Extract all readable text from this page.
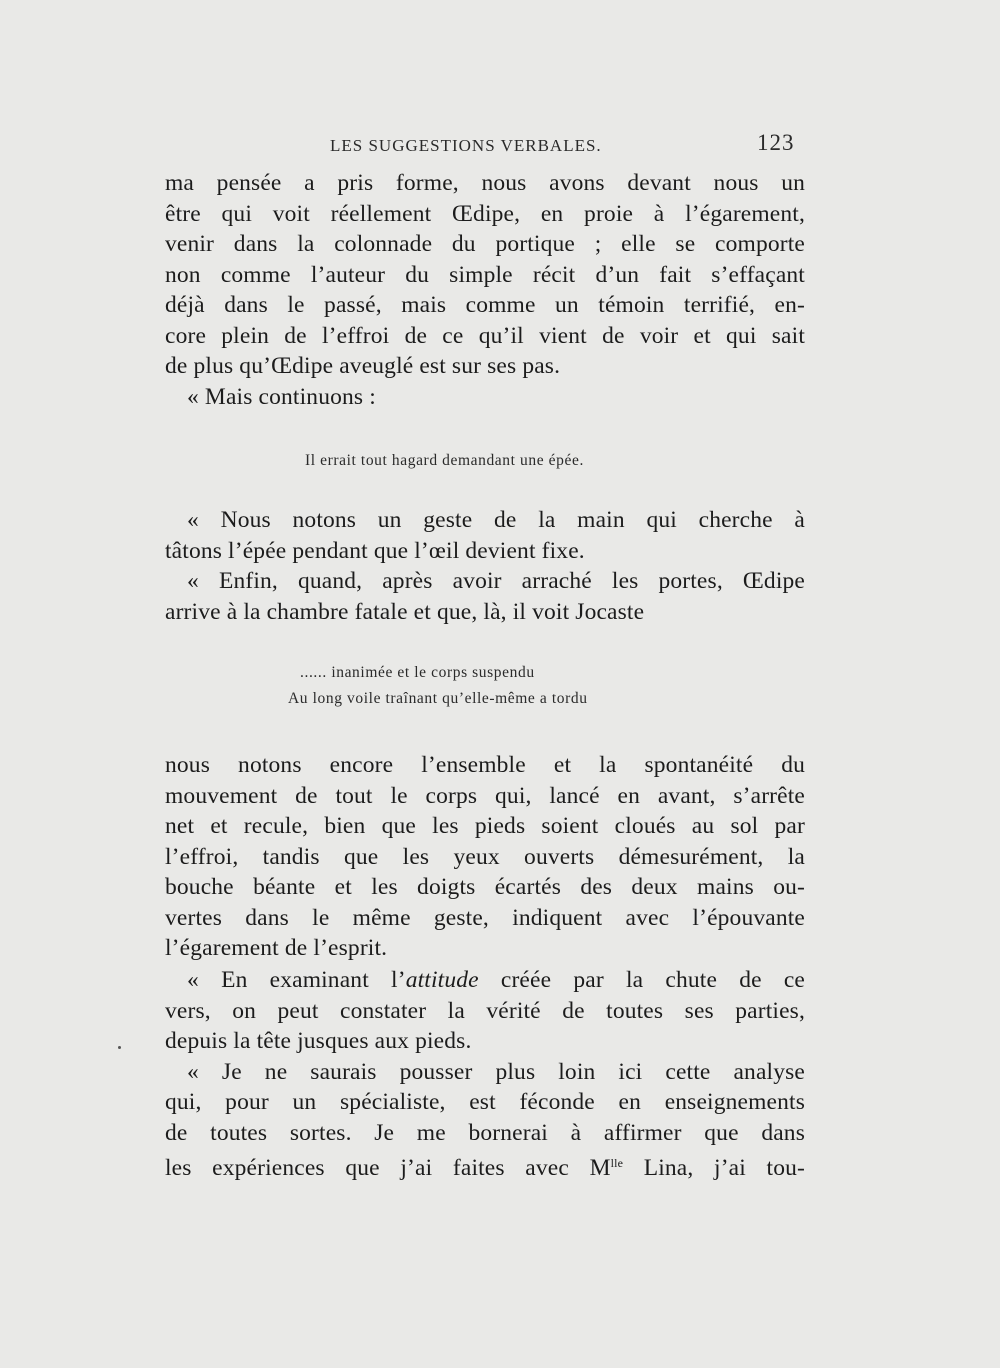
LES SUGGESTIONS VERBALES.	123
ma pensée a pris forme, nous avons devant nous un
être qui voit réellement Œdipe, en proie à l’égarement,
venir dans la colonnade du portique ; elle se comporte
non comme l’auteur du simple récit d’un fait s’effaçant
déjà dans le passé, mais comme un témoin terrifié, en-
core plein de l’effroi de ce qu’il vient de voir et qui sait
de plus qu’Œdipe aveuglé est sur ses pas.
« Mais continuons :
Il errait tout hagard demandant une épée.
« Nous notons un geste de la main qui cherche à
tâtons l’épée pendant que l’œil devient fixe.
« Enfin, quand, après avoir arraché les portes, Œdipe
arrive à la chambre fatale et que, là, il voit Jocaste
...... inanimée et le corps suspendu
Au long voile traînant qu’elle-même a tordu
nous notons encore l’ensemble et la spontanéité du
mouvement de tout le corps qui, lancé en avant, s’arrête
net et recule, bien que les pieds soient cloués au sol par
l’effroi, tandis que les yeux ouverts démesurément, la
bouche béante et les doigts écartés des deux mains ou-
vertes dans le même geste, indiquent avec l’épouvante
l’égarement de l’esprit.
« En examinant l’attitude créée par la chute de ce
vers, on peut constater la vérité de toutes ses parties,
depuis la tête jusques aux pieds.
« Je ne saurais pousser plus loin ici cette analyse
qui, pour un spécialiste, est féconde en enseignements
de toutes sortes. Je me bornerai à affirmer que dans
les expériences que j’ai faites avec $M^{lle}$ Lina, j’ai tou-
